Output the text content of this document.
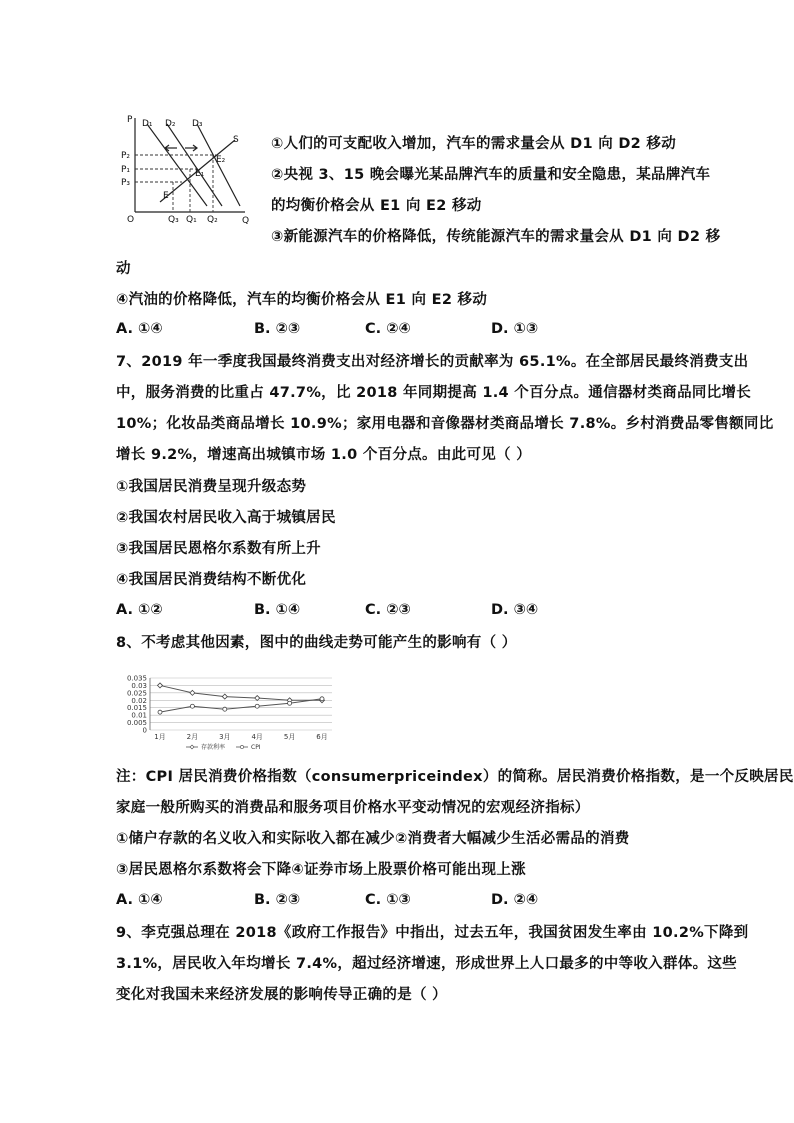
P
Q
O
D₁ D₂ D₃
S
P₂
P₁
P₃
Q₃ Q₁ Q₂
E₂
E₁
E
①人们的可支配收入增加，汽车的需求量会从 D1 向 D2 移动
②央视 3、15 晚会曝光某品牌汽车的质量和安全隐患，某品牌汽车
的均衡价格会从 E1 向 E2 移动
③新能源汽车的价格降低，传统能源汽车的需求量会从 D1 向 D2 移
动
④汽油的价格降低，汽车的均衡价格会从 E1 向 E2 移动
A. ①④	B. ②③	C. ②④	D. ①③
7、2019 年一季度我国最终消费支出对经济增长的贡献率为 65.1%。在全部居民最终消费支出
中，服务消费的比重占 47.7%，比 2018 年同期提高 1.4 个百分点。通信器材类商品同比增长
10%；化妆品类商品增长 10.9%；家用电器和音像器材类商品增长 7.8%。乡村消费品零售额同比
增长 9.2%，增速高出城镇市场 1.0 个百分点。由此可见（ ）
①我国居民消费呈现升级态势
②我国农村居民收入高于城镇居民
③我国居民恩格尔系数有所上升
④我国居民消费结构不断优化
A. ①②	B. ①④	C. ②③	D. ③④
8、不考虑其他因素，图中的曲线走势可能产生的影响有（ ）
0.035
0.03
0.025
0.02
0.015
0.01
0.005
0
1月	2月	3月	4月	5月	6月
存款利率	CPI
注：CPI 居民消费价格指数（consumerpriceindex）的简称。居民消费价格指数，是一个反映居民
家庭一般所购买的消费品和服务项目价格水平变动情况的宏观经济指标）
①储户存款的名义收入和实际收入都在减少②消费者大幅减少生活必需品的消费
③居民恩格尔系数将会下降④证券市场上股票价格可能出现上涨
A. ①④	B. ②③	C. ①③	D. ②④
9、李克强总理在 2018《政府工作报告》中指出，过去五年，我国贫困发生率由 10.2%下降到
3.1%，居民收入年均增长 7.4%，超过经济增速，形成世界上人口最多的中等收入群体。这些
变化对我国未来经济发展的影响传导正确的是（ ）
